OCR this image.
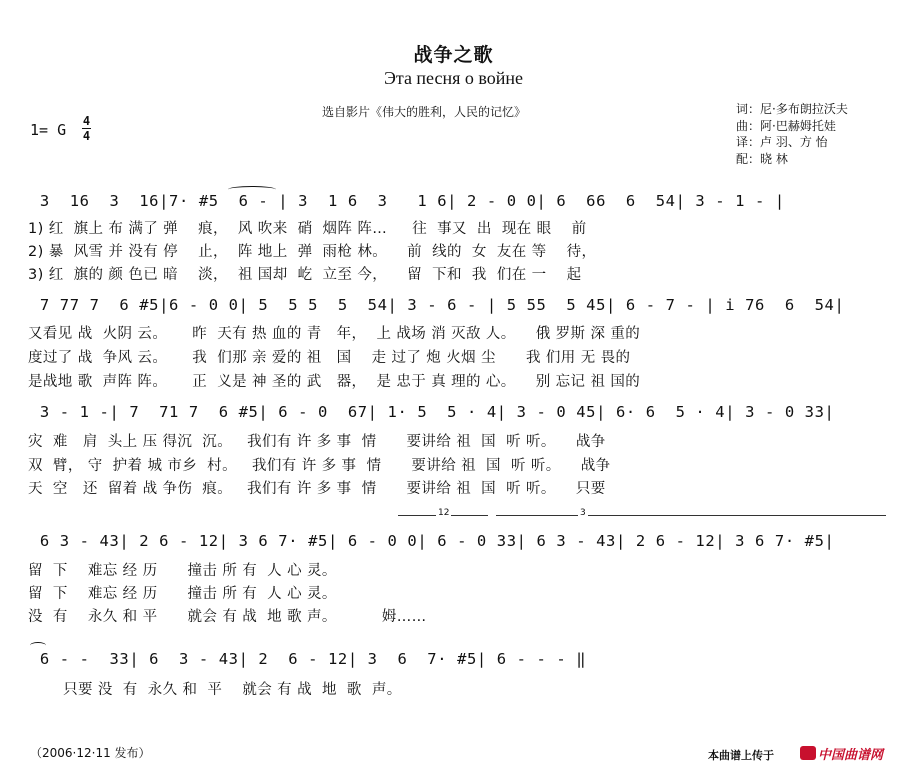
战争之歌
Эта песня о войне
选自影片《伟大的胜利，人民的记忆》	词：尼·多布朗拉沃夫
曲：阿·巴赫姆托娃
译：卢 羽、方 怡
配：晓 林
1= G 4
4
3  16  3  16|7· #5  6 - | 3  1 6  3   1 6| 2 - 0 0| 6  66  6  54| 3 - 1 - |
1) 红  旗上 布 满了 弹    痕，  风 吹来  硝  烟阵 阵…     往  事又  出  现在 眼    前
2) 暴  风雪 并 没有 停    止，  阵 地上  弹  雨枪 林。    前  线的  女  友在 等    待，
3) 红  旗的 颜 色已 暗    淡，  祖 国却  屹  立至 今，    留  下和  我  们在 一    起
7 77 7  6 #5|6 - 0 0| 5  5 5  5  54| 3 - 6 - | 5 55  5 45| 6 - 7 - | i 76  6  54|
又看见 战  火阴 云。     昨  天有 热 血的 青   年，  上 战场 消 灭敌 人。    俄 罗斯 深 重的
度过了 战  争风 云。     我  们那 亲 爱的 祖   国    走 过了 炮 火烟 尘      我 们用 无 畏的
是战地 歌  声阵 阵。     正  义是 神 圣的 武   器，  是 忠于 真 理的 心。    别 忘记 祖 国的
3 - 1 -| 7  71 7  6 #5| 6 - 0  67| 1· 5  5 · 4| 3 - 0 45| 6· 6  5 · 4| 3 - 0 33|
灾  难   肩  头上 压 得沉  沉。   我们有 许 多 事  情      要讲给 祖  国  听 听。    战争
双  臂， 守  护着 城 市乡  村。   我们有 许 多 事  情      要讲给 祖  国  听 听。    战争
天  空   还  留着 战 争伤  痕。   我们有 许 多 事  情      要讲给 祖  国  听 听。    只要
12	3
6 3 - 43| 2 6 - 12| 3 6 7· #5| 6 - 0 0| 6 - 0 33| 6 3 - 43| 2 6 - 12| 3 6 7· #5|
留  下    难忘 经 历      撞击 所 有  人 心 灵。
留  下    难忘 经 历      撞击 所 有  人 心 灵。
没  有    永久 和 平      就会 有 战  地 歌 声。         姆……
6 - -  33| 6  3 - 43| 2  6 - 12| 3  6  7· #5| 6 - - - ‖
只要 没  有  永久 和  平    就会 有 战  地  歌  声。
（2006·12·11 发布）	本曲谱上传于	中国曲谱网
